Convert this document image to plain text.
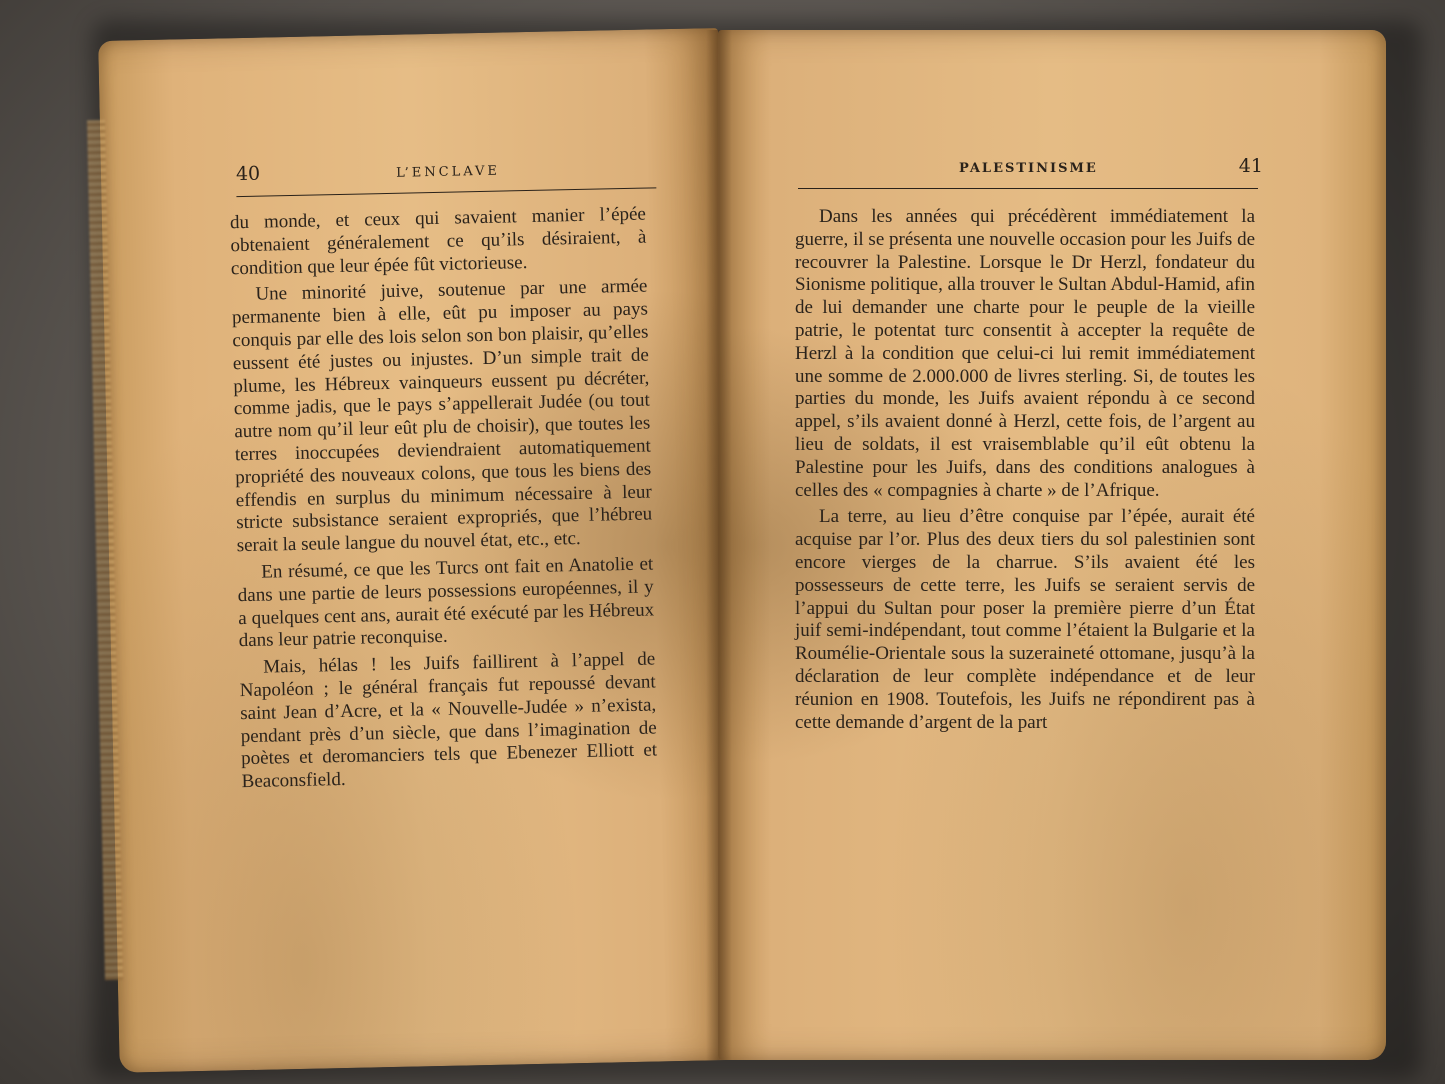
40	L’ENCLAVE

du monde, et ceux qui savaient manier l’épée obtenaient généralement ce qu’ils désiraient, à condition que leur épée fût victorieuse.

Une minorité juive, soutenue par une armée permanente bien à elle, eût pu imposer au pays conquis par elle des lois selon son bon plaisir, qu’elles eussent été justes ou injustes. D’un simple trait de plume, les Hébreux vainqueurs eussent pu décréter, comme jadis, que le pays s’appellerait Judée (ou tout autre nom qu’il leur eût plu de choisir), que toutes les terres inoccupées deviendraient automatiquement propriété des nouveaux colons, que tous les biens des effendis en surplus du minimum nécessaire à leur stricte subsistance seraient expropriés, que l’hébreu serait la seule langue du nouvel état, etc., etc.

En résumé, ce que les Turcs ont fait en Anatolie et dans une partie de leurs possessions européennes, il y a quelques cent ans, aurait été exécuté par les Hébreux dans leur patrie reconquise.

Mais, hélas ! les Juifs faillirent à l’appel de Napoléon ; le général français fut repoussé devant saint Jean d’Acre, et la « Nouvelle-Judée » n’exista, pendant près d’un siècle, que dans l’imagination de poètes et deromanciers tels que Ebenezer Elliott et Beaconsfield.

PALESTINISME	41

Dans les années qui précédèrent immédiatement la guerre, il se présenta une nouvelle occasion pour les Juifs de recouvrer la Palestine. Lorsque le Dr Herzl, fondateur du Sionisme politique, alla trouver le Sultan Abdul-Hamid, afin de lui demander une charte pour le peuple de la vieille patrie, le potentat turc consentit à accepter la requête de Herzl à la condition que celui-ci lui remit immédiatement une somme de 2.000.000 de livres sterling. Si, de toutes les parties du monde, les Juifs avaient répondu à ce second appel, s’ils avaient donné à Herzl, cette fois, de l’argent au lieu de soldats, il est vraisemblable qu’il eût obtenu la Palestine pour les Juifs, dans des conditions analogues à celles des « compagnies à charte » de l’Afrique.

La terre, au lieu d’être conquise par l’épée, aurait été acquise par l’or. Plus des deux tiers du sol palestinien sont encore vierges de la charrue. S’ils avaient été les possesseurs de cette terre, les Juifs se seraient servis de l’appui du Sultan pour poser la première pierre d’un État juif semi-indépendant, tout comme l’étaient la Bulgarie et la Roumélie-Orientale sous la suzeraineté ottomane, jusqu’à la déclaration de leur complète indépendance et de leur réunion en 1908. Toutefois, les Juifs ne répondirent pas à cette demande d’argent de la part
